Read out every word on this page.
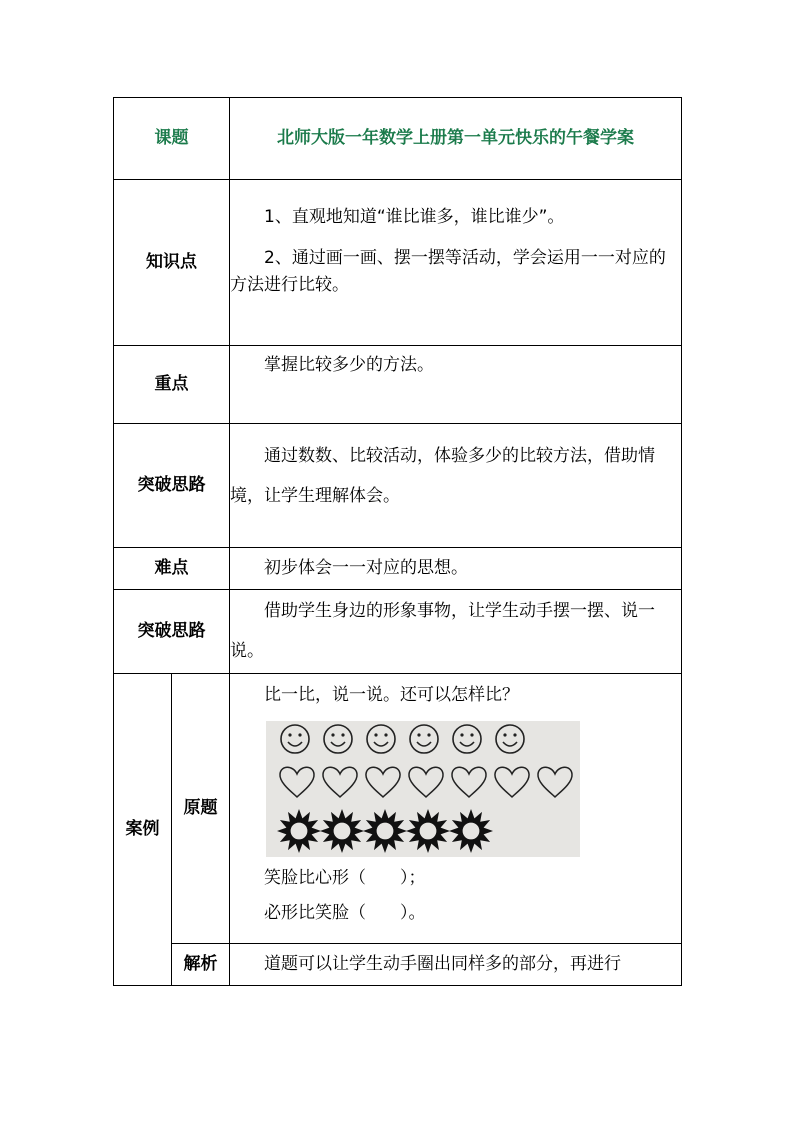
课题		北师大版一年数学上册第一单元快乐的午餐学案
知识点		1、直观地知道“谁比谁多，谁比谁少”。

2、通过画一画、摆一摆等活动，学会运用一一对应的方法进行比较。

重点		掌握比较多少的方法。

突破思路		通过数数、比较活动，体验多少的比较方法，借助情境，让学生理解体会。

难点		初步体会一一对应的思想。

突破思路		借助学生身边的形象事物，让学生动手摆一摆、说一说。

案例	原题	比一比，说一说。还可以怎样比？

笑脸比心形（　　）；

必形比笑脸（　　）。

	解析	道题可以让学生动手圈出同样多的部分，再进行
